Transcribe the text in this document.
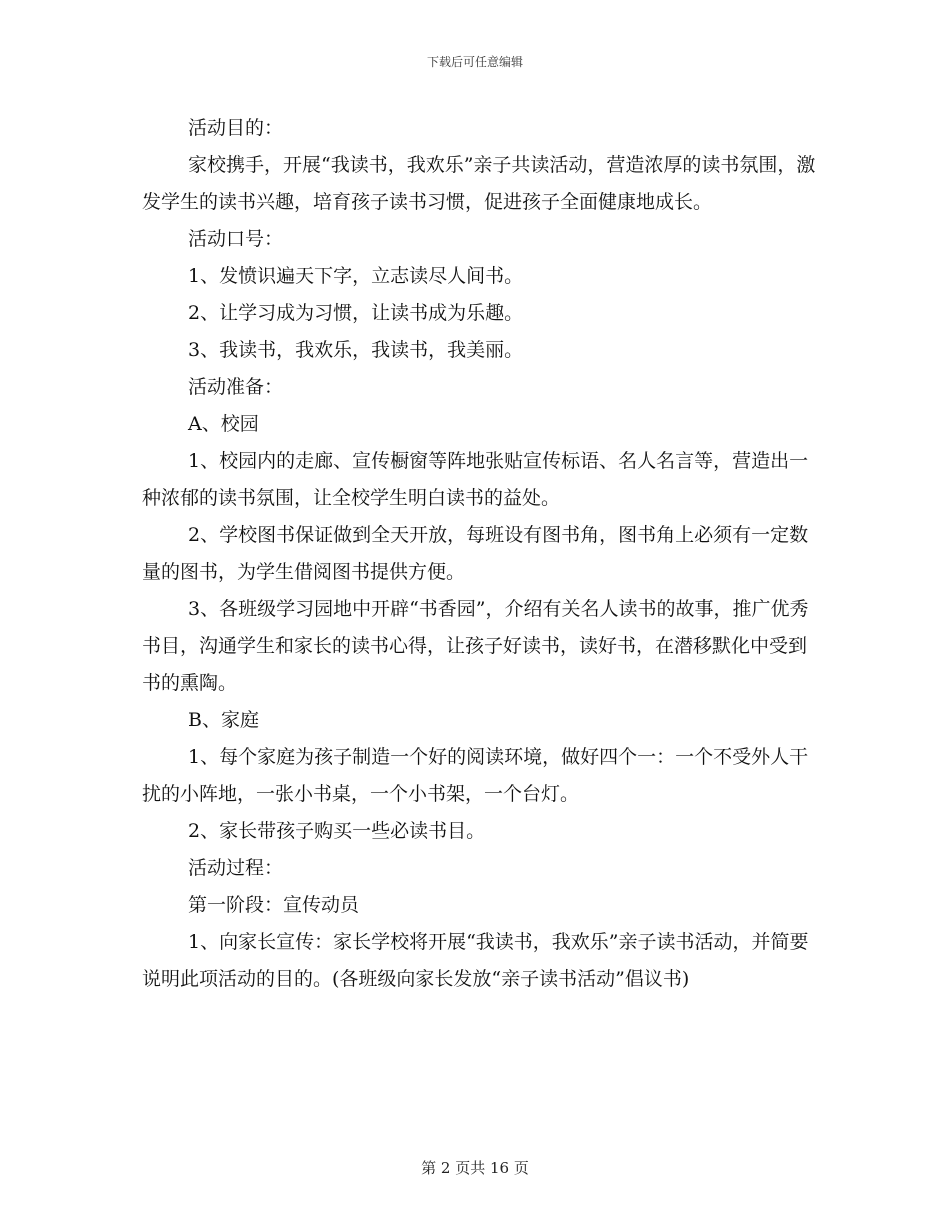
下载后可任意编辑

活动目的：

家校携手，开展“我读书，我欢乐”亲子共读活动，营造浓厚的读书氛围，激发学生的读书兴趣，培育孩子读书习惯，促进孩子全面健康地成长。

活动口号：

1、发愤识遍天下字，立志读尽人间书。

2、让学习成为习惯，让读书成为乐趣。

3、我读书，我欢乐，我读书，我美丽。

活动准备：

A、校园

1、校园内的走廊、宣传橱窗等阵地张贴宣传标语、名人名言等，营造出一种浓郁的读书氛围，让全校学生明白读书的益处。

2、学校图书保证做到全天开放，每班设有图书角，图书角上必须有一定数量的图书，为学生借阅图书提供方便。

3、各班级学习园地中开辟“书香园”，介绍有关名人读书的故事，推广优秀书目，沟通学生和家长的读书心得，让孩子好读书，读好书，在潜移默化中受到书的熏陶。

B、家庭

1、每个家庭为孩子制造一个好的阅读环境，做好四个一：一个不受外人干扰的小阵地，一张小书桌，一个小书架，一个台灯。

2、家长带孩子购买一些必读书目。

活动过程：

第一阶段：宣传动员

1、向家长宣传：家长学校将开展“我读书，我欢乐”亲子读书活动，并简要说明此项活动的目的。(各班级向家长发放“亲子读书活动”倡议书)

第 2 页共 16 页
